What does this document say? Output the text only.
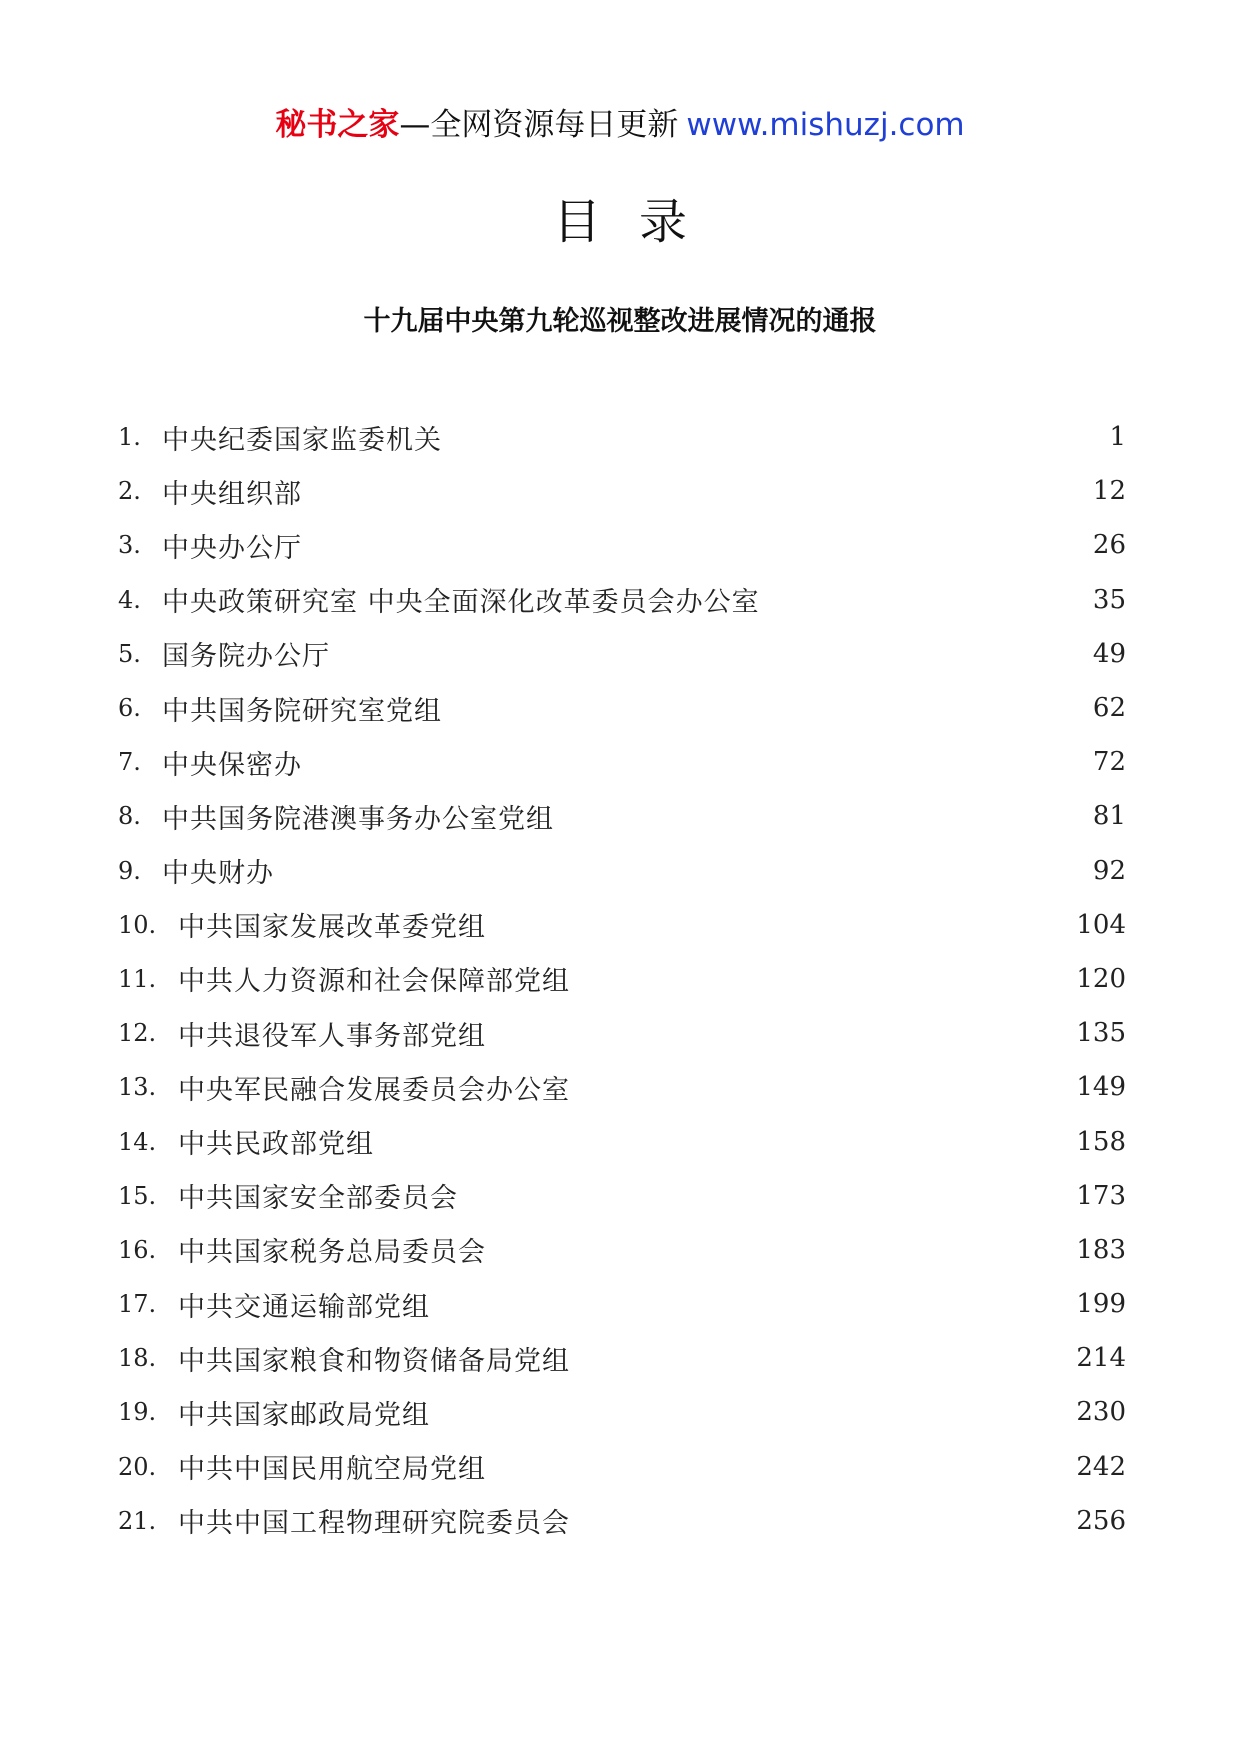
秘书之家—全网资源每日更新 www.mishuzj.com
目录
十九届中央第九轮巡视整改进展情况的通报
1. 中央纪委国家监委机关	1
2. 中央组织部	12
3. 中央办公厅	26
4. 中央政策研究室 中央全面深化改革委员会办公室	35
5. 国务院办公厅	49
6. 中共国务院研究室党组	62
7. 中央保密办	72
8. 中共国务院港澳事务办公室党组	81
9. 中央财办	92
10. 中共国家发展改革委党组	104
11. 中共人力资源和社会保障部党组	120
12. 中共退役军人事务部党组	135
13. 中央军民融合发展委员会办公室	149
14. 中共民政部党组	158
15. 中共国家安全部委员会	173
16. 中共国家税务总局委员会	183
17. 中共交通运输部党组	199
18. 中共国家粮食和物资储备局党组	214
19. 中共国家邮政局党组	230
20. 中共中国民用航空局党组	242
21. 中共中国工程物理研究院委员会	256
